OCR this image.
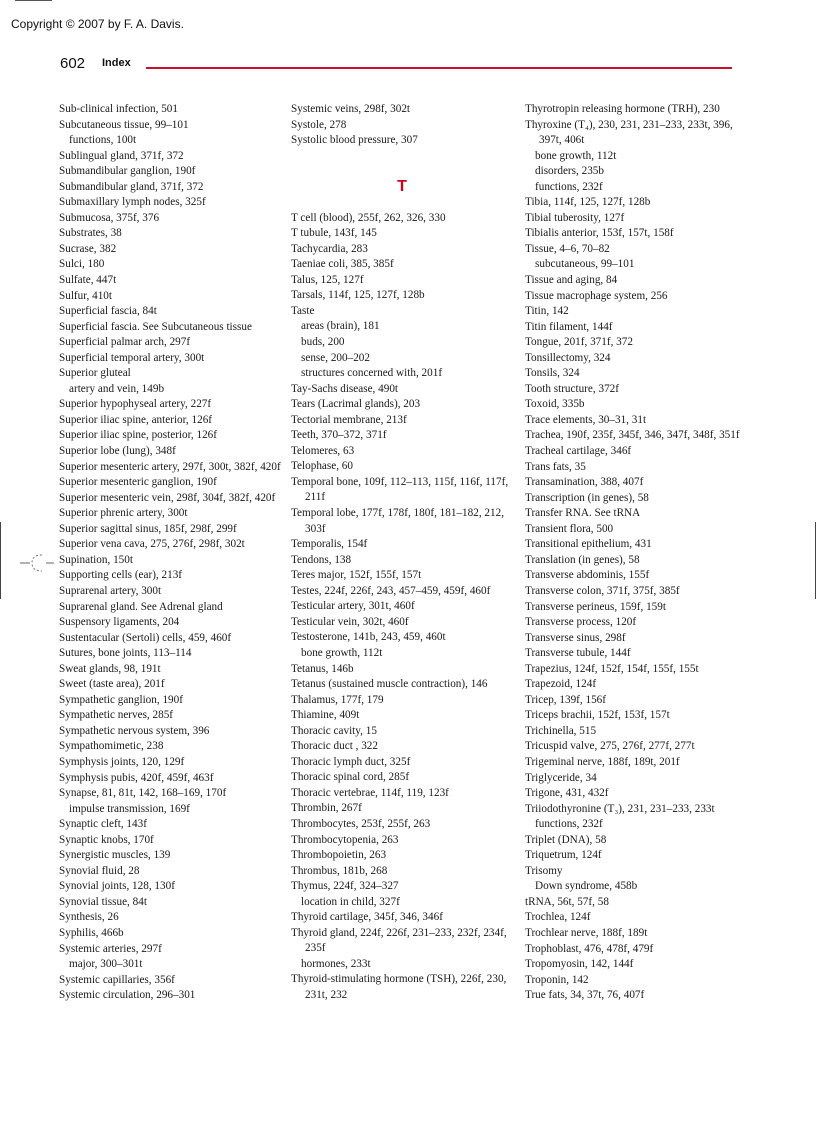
Copyright © 2007 by F. A. Davis.
602 Index
Sub-clinical infection, 501
Subcutaneous tissue, 99–101
functions, 100t
Sublingual gland, 371f, 372
Submandibular ganglion, 190f
Submandibular gland, 371f, 372
Submaxillary lymph nodes, 325f
Submucosa, 375f, 376
Substrates, 38
Sucrase, 382
Sulci, 180
Sulfate, 447t
Sulfur, 410t
Superficial fascia, 84t
Superficial fascia. See Subcutaneous tissue
Superficial palmar arch, 297f
Superficial temporal artery, 300t
Superior gluteal
artery and vein, 149b
Superior hypophyseal artery, 227f
Superior iliac spine, anterior, 126f
Superior iliac spine, posterior, 126f
Superior lobe (lung), 348f
Superior mesenteric artery, 297f, 300t, 382f, 420f
Superior mesenteric ganglion, 190f
Superior mesenteric vein, 298f, 304f, 382f, 420f
Superior phrenic artery, 300t
Superior sagittal sinus, 185f, 298f, 299f
Superior vena cava, 275, 276f, 298f, 302t
Supination, 150t
Supporting cells (ear), 213f
Suprarenal artery, 300t
Suprarenal gland. See Adrenal gland
Suspensory ligaments, 204
Sustentacular (Sertoli) cells, 459, 460f
Sutures, bone joints, 113–114
Sweat glands, 98, 191t
Sweet (taste area), 201f
Sympathetic ganglion, 190f
Sympathetic nerves, 285f
Sympathetic nervous system, 396
Sympathomimetic, 238
Symphysis joints, 120, 129f
Symphysis pubis, 420f, 459f, 463f
Synapse, 81, 81t, 142, 168–169, 170f
impulse transmission, 169f
Synaptic cleft, 143f
Synaptic knobs, 170f
Synergistic muscles, 139
Synovial fluid, 28
Synovial joints, 128, 130f
Synovial tissue, 84t
Synthesis, 26
Syphilis, 466b
Systemic arteries, 297f
major, 300–301t
Systemic capillaries, 356f
Systemic circulation, 296–301
Systemic veins, 298f, 302t
Systole, 278
Systolic blood pressure, 307
T
T cell (blood), 255f, 262, 326, 330
T tubule, 143f, 145
Tachycardia, 283
Taeniae coli, 385, 385f
Talus, 125, 127f
Tarsals, 114f, 125, 127f, 128b
Taste
areas (brain), 181
buds, 200
sense, 200–202
structures concerned with, 201f
Tay-Sachs disease, 490t
Tears (Lacrimal glands), 203
Tectorial membrane, 213f
Teeth, 370–372, 371f
Telomeres, 63
Telophase, 60
Temporal bone, 109f, 112–113, 115f, 116f, 117f, 211f
Temporal lobe, 177f, 178f, 180f, 181–182, 212, 303f
Temporalis, 154f
Tendons, 138
Teres major, 152f, 155f, 157t
Testes, 224f, 226f, 243, 457–459, 459f, 460f
Testicular artery, 301t, 460f
Testicular vein, 302t, 460f
Testosterone, 141b, 243, 459, 460t
bone growth, 112t
Tetanus, 146b
Tetanus (sustained muscle contraction), 146
Thalamus, 177f, 179
Thiamine, 409t
Thoracic cavity, 15
Thoracic duct , 322
Thoracic lymph duct, 325f
Thoracic spinal cord, 285f
Thoracic vertebrae, 114f, 119, 123f
Thrombin, 267f
Thrombocytes, 253f, 255f, 263
Thrombocytopenia, 263
Thrombopoietin, 263
Thrombus, 181b, 268
Thymus, 224f, 324–327
location in child, 327f
Thyroid cartilage, 345f, 346, 346f
Thyroid gland, 224f, 226f, 231–233, 232f, 234f, 235f
hormones, 233t
Thyroid-stimulating hormone (TSH), 226f, 230, 231t, 232
Thyrotropin releasing hormone (TRH), 230
Thyroxine (T₄), 230, 231, 231–233, 233t, 396, 397t, 406t
bone growth, 112t
disorders, 235b
functions, 232f
Tibia, 114f, 125, 127f, 128b
Tibial tuberosity, 127f
Tibialis anterior, 153f, 157t, 158f
Tissue, 4–6, 70–82
subcutaneous, 99–101
Tissue and aging, 84
Tissue macrophage system, 256
Titin, 142
Titin filament, 144f
Tongue, 201f, 371f, 372
Tonsillectomy, 324
Tonsils, 324
Tooth structure, 372f
Toxoid, 335b
Trace elements, 30–31, 31t
Trachea, 190f, 235f, 345f, 346, 347f, 348f, 351f
Tracheal cartilage, 346f
Trans fats, 35
Transamination, 388, 407f
Transcription (in genes), 58
Transfer RNA. See tRNA
Transient flora, 500
Transitional epithelium, 431
Translation (in genes), 58
Transverse abdominis, 155f
Transverse colon, 371f, 375f, 385f
Transverse perineus, 159f, 159t
Transverse process, 120f
Transverse sinus, 298f
Transverse tubule, 144f
Trapezius, 124f, 152f, 154f, 155f, 155t
Trapezoid, 124f
Tricep, 139f, 156f
Triceps brachii, 152f, 153f, 157t
Trichinella, 515
Tricuspid valve, 275, 276f, 277f, 277t
Trigeminal nerve, 188f, 189t, 201f
Triglyceride, 34
Trigone, 431, 432f
Triiodothyronine (T₃), 231, 231–233, 233t
functions, 232f
Triplet (DNA), 58
Triquetrum, 124f
Trisomy
Down syndrome, 458b
tRNA, 56t, 57f, 58
Trochlea, 124f
Trochlear nerve, 188f, 189t
Trophoblast, 476, 478f, 479f
Tropomyosin, 142, 144f
Troponin, 142
True fats, 34, 37t, 76, 407f
